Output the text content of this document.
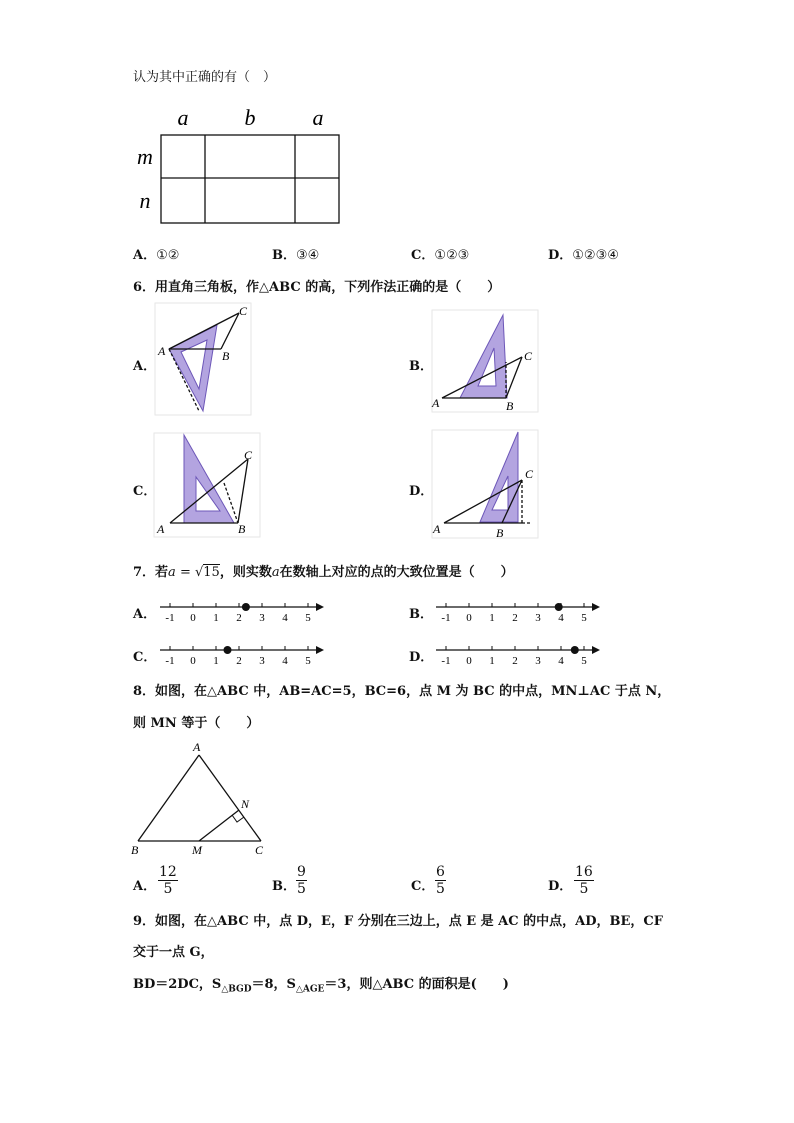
认为其中正确的有（　）
a	b	a
m
n
A．①②	B．③④	C．①②③	D．①②③④
6．用直角三角板，作△ABC 的高，下列作法正确的是（　　）
A．
A	B
C
B．
A	B
C
C．
A	B
C
D．
A	B
C
7．若a = √15，则实数a在数轴上对应的点的大致位置是（　　）
A． -1 0 1 2 3 4 5	B． -1 0 1 2 3 4 5
C． -1 0 1 2 3 4 5	D． -1 0 1 2 3 4 5
8．如图，在△ABC 中，AB=AC=5，BC=6，点 M 为 BC 的中点，MN⊥AC 于点 N，
则 MN 等于（　　）
A
B	C
M
N
A． $\frac{12}{5}$	B． $\frac{9}{5}$	C． $\frac{6}{5}$	D． $\frac{16}{5}$
9．如图，在△ABC 中，点 D，E，F 分别在三边上，点 E 是 AC 的中点，AD，BE，CF
交于一点 G，
BD＝2DC，$S_{\triangle BGD}=8$，$S_{\triangle AGE}=3$，则△ABC 的面积是(　　)
